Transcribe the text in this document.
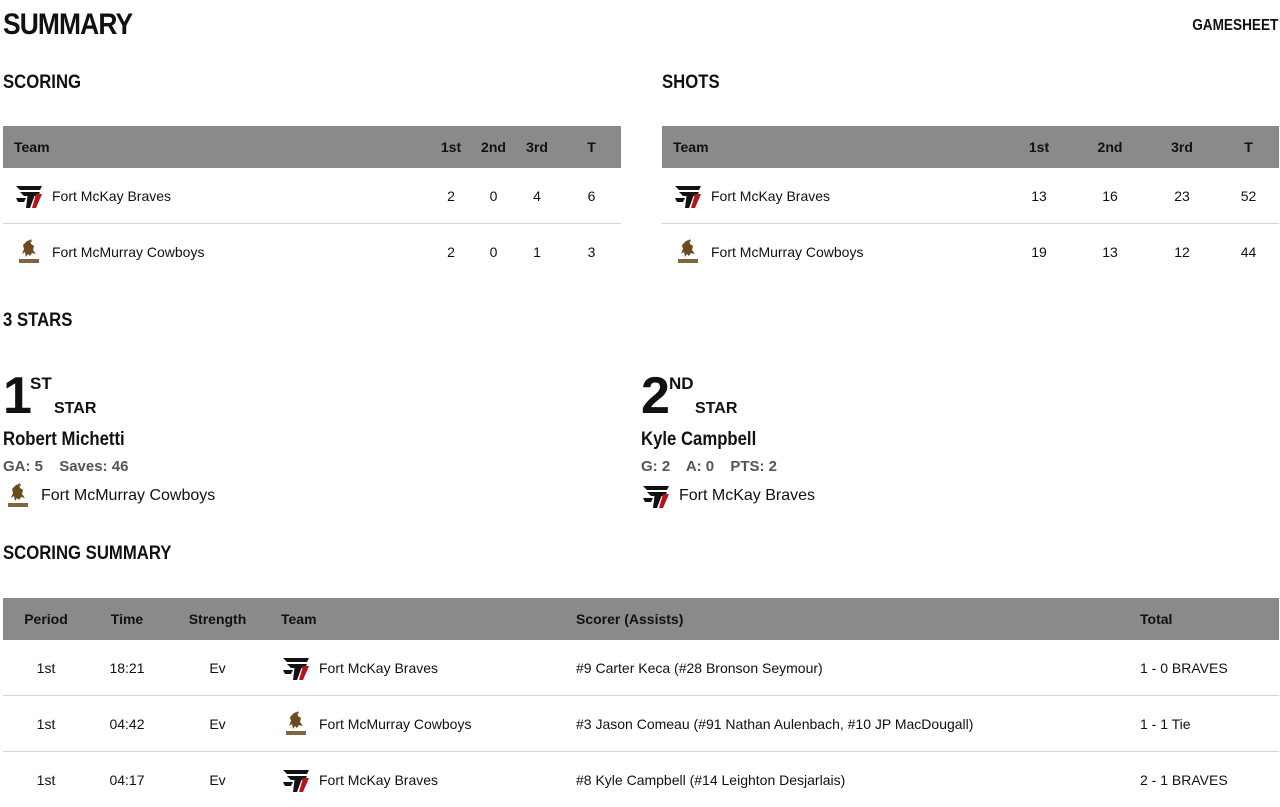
SUMMARY	GAMESHEET
SCORING
Team	1st	2nd	3rd	T

Fort McKay Braves	2	0	4	6

Fort McMurray Cowboys	2	0	1	3
SHOTS
Team	1st	2nd	3rd	T

Fort McKay Braves	13	16	23	52

Fort McMurray Cowboys	19	13	12	44
3 STARS
1
ST
STAR
Robert Michetti
GA: 5 Saves: 46
Fort McMurray Cowboys
2 ND
STAR
Kyle Campbell
G: 2 A: 0 PTS: 2
Fort McKay Braves
SCORING SUMMARY
Period	Time	Strength	Team	Scorer (Assists)	Total
1st	18:21	Ev	Fort McKay Braves	#9 Carter Keca (#28 Bronson Seymour)	1 - 0 BRAVES
1st	04:42	Ev	Fort McMurray Cowboys	#3 Jason Comeau (#91 Nathan Aulenbach, #10 JP MacDougall)	1 - 1 Tie
1st	04:17	Ev	Fort McKay Braves	#8 Kyle Campbell (#14 Leighton Desjarlais)	2 - 1 BRAVES
